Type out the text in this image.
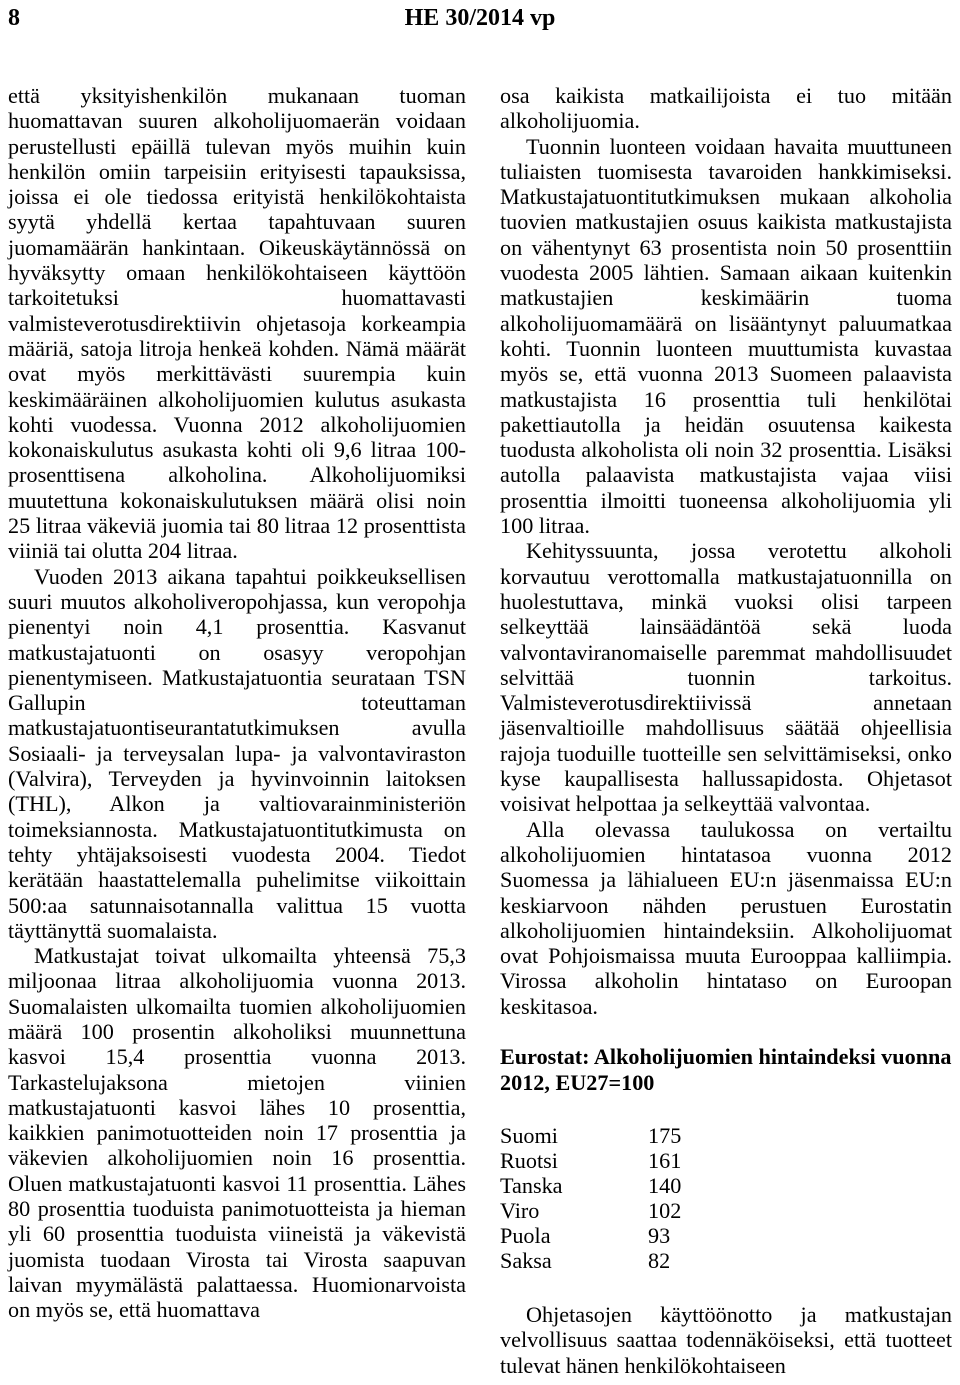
8	HE 30/2014 vp

että yksityishenkilön mukanaan tuoman huomattavan suuren alkoholijuomaerän voidaan perustellusti epäillä tulevan myös muihin kuin henkilön omiin tarpeisiin erityisesti tapauksissa, joissa ei ole tiedossa erityistä henkilökohtaista syytä yhdellä kertaa tapahtuvaan suuren juomamäärän hankintaan. Oikeuskäytännössä on hyväksytty omaan henkilökohtaiseen käyttöön tarkoitetuksi huomattavasti valmisteverotusdirektiivin ohjetasoja korkeampia määriä, satoja litroja henkeä kohden. Nämä määrät ovat myös merkittävästi suurempia kuin keskimääräinen alkoholijuomien kulutus asukasta kohti vuodessa. Vuonna 2012 alkoholijuomien kokonaiskulutus asukasta kohti oli 9,6 litraa 100-prosenttisena alkoholina. Alkoholijuomiksi muutettuna kokonaiskulutuksen määrä olisi noin 25 litraa väkeviä juomia tai 80 litraa 12 prosenttista viiniä tai olutta 204 litraa.

Vuoden 2013 aikana tapahtui poikkeuksellisen suuri muutos alkoholiveropohjassa, kun veropohja pienentyi noin 4,1 prosenttia. Kasvanut matkustajatuonti on osasyy veropohjan pienentymiseen. Matkustajatuontia seurataan TSN Gallupin toteuttaman matkustajatuontiseurantatutkimuksen avulla Sosiaali- ja terveysalan lupa- ja valvontaviraston (Valvira), Terveyden ja hyvinvoinnin laitoksen (THL), Alkon ja valtiovarainministeriön toimeksiannosta. Matkustajatuontitutkimusta on tehty yhtäjaksoisesti vuodesta 2004. Tiedot kerätään haastattelemalla puhelimitse viikoittain 500:aa satunnaisotannalla valittua 15 vuotta täyttänyttä suomalaista.

Matkustajat toivat ulkomailta yhteensä 75,3 miljoonaa litraa alkoholijuomia vuonna 2013. Suomalaisten ulkomailta tuomien alkoholijuomien määrä 100 prosentin alkoholiksi muunnettuna kasvoi 15,4 prosenttia vuonna 2013. Tarkastelujaksona mietojen viinien matkustajatuonti kasvoi lähes 10 prosenttia, kaikkien panimotuotteiden noin 17 prosenttia ja väkevien alkoholijuomien noin 16 prosenttia. Oluen matkustajatuonti kasvoi 11 prosenttia. Lähes 80 prosenttia tuoduista panimotuotteista ja hieman yli 60 prosenttia tuoduista viineistä ja väkevistä juomista tuodaan Virosta tai Virosta saapuvan laivan myymälästä palattaessa. Huomionarvoista on myös se, että huomattava

osa kaikista matkailijoista ei tuo mitään alkoholijuomia.

Tuonnin luonteen voidaan havaita muuttuneen tuliaisten tuomisesta tavaroiden hankkimiseksi. Matkustajatuontitutkimuksen mukaan alkoholia tuovien matkustajien osuus kaikista matkustajista on vähentynyt 63 prosentista noin 50 prosenttiin vuodesta 2005 lähtien. Samaan aikaan kuitenkin matkustajien keskimäärin tuoma alkoholijuomamäärä on lisääntynyt paluumatkaa kohti. Tuonnin luonteen muuttumista kuvastaa myös se, että vuonna 2013 Suomeen palaavista matkustajista 16 prosenttia tuli henkilötai pakettiautolla ja heidän osuutensa kaikesta tuodusta alkoholista oli noin 32 prosenttia. Lisäksi autolla palaavista matkustajista vajaa viisi prosenttia ilmoitti tuoneensa alkoholijuomia yli 100 litraa.

Kehityssuunta, jossa verotettu alkoholi korvautuu verottomalla matkustajatuonnilla on huolestuttava, minkä vuoksi olisi tarpeen selkeyttää lainsäädäntöä sekä luoda valvontaviranomaiselle paremmat mahdollisuudet selvittää tuonnin tarkoitus. Valmisteverotusdirektiivissä annetaan jäsenvaltioille mahdollisuus säätää ohjeellisia rajoja tuoduille tuotteille sen selvittämiseksi, onko kyse kaupallisesta hallussapidosta. Ohjetasot voisivat helpottaa ja selkeyttää valvontaa.

Alla olevassa taulukossa on vertailtu alkoholijuomien hintatasoa vuonna 2012 Suomessa ja lähialueen EU:n jäsenmaissa EU:n keskiarvoon nähden perustuen Eurostatin alkoholijuomien hintaindeksiin. Alkoholijuomat ovat Pohjoismaissa muuta Eurooppaa kalliimpia. Virossa alkoholin hintataso on Euroopan keskitasoa.

Eurostat: Alkoholijuomien hintaindeksi vuonna 2012, EU27=100
Suomi	175
Ruotsi	161
Tanska	140
Viro	102
Puola	93
Saksa	82

Ohjetasojen käyttöönotto ja matkustajan velvollisuus saattaa todennäköiseksi, että tuotteet tulevat hänen henkilökohtaiseen
